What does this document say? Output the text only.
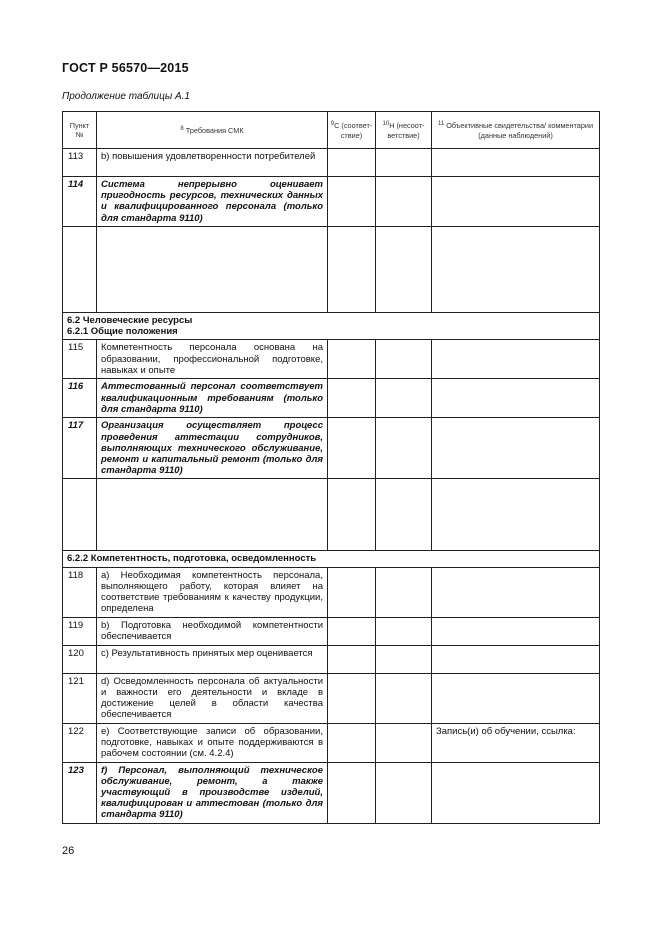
ГОСТ Р 56570—2015
Продолжение таблицы А.1
Пункт №	$^8$ Требования СМК	$^9$С (соответ-ствие)	$^{10}$Н (несоот-ветствие)	$^{11}$ Объективные свидетельства/ комментарии (данные наблюдений)
113	b) повышения удовлетворенности потребителей			
114	Система непрерывно оценивает пригодность ресурсов, технических данных и квалифицированного персонала (только для стандарта 9110)			

6.2 Человеческие ресурсы
6.2.1 Общие положения				

115	Компетентность персонала основана на образовании, профессиональной подготовке, навыках и опыте			
116	Аттестованный персонал соответствует квалификационным требованиям (только для стандарта 9110)			
117	Организация осуществляет процесс проведения аттестации сотрудников, выполняющих технического обслуживание, ремонт и капитальный ремонт (только для стандарта 9110)			

6.2.2 Компетентность, подготовка, осведомленность				
118	a) Необходимая компетентность персонала, выполняющего работу, которая влияет на соответствие требованиям к качеству продукции, определена			
119	b) Подготовка необходимой компетентности обеспечивается			
120	c) Результативность принятых мер оценивается			
121	d) Осведомленность персонала об актуальности и важности его деятельности и вкладе в достижение целей в области качества обеспечивается			
122	e) Соответствующие записи об образовании, подготовке, навыках и опыте поддерживаются в рабочем состоянии (см. 4.2.4)			Запись(и) об обучении, ссылка:
123	f) Персонал, выполняющий техническое обслуживание, ремонт, а также участвующий в производстве изделий, квалифицирован и аттестован (только для стандарта 9110)			
26
